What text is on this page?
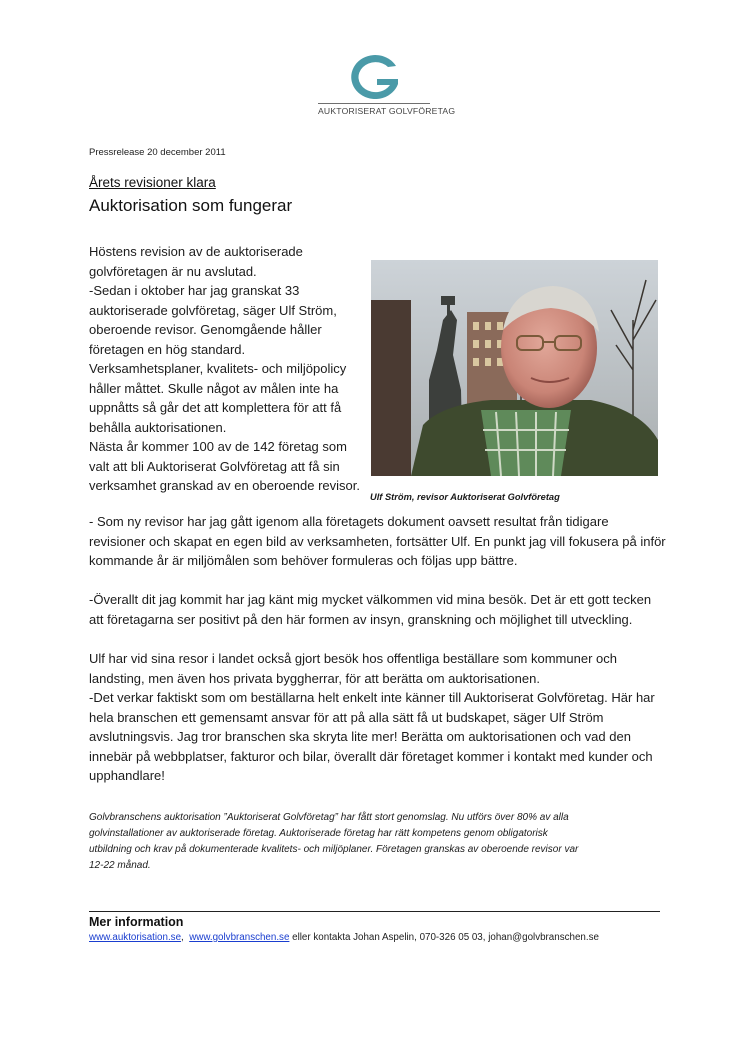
AUKTORISERAT GOLVFÖRETAG
Pressrelease 20 december 2011
Årets revisioner klara
Auktorisation som fungerar
Höstens revision av de auktoriserade
golvföretagen är nu avslutad.
-Sedan i oktober har jag granskat 33
auktoriserade golvföretag, säger Ulf Ström,
oberoende revisor. Genomgående håller
företagen en hög standard.
Verksamhetsplaner, kvalitets- och miljöpolicy
håller måttet. Skulle något av målen inte ha
uppnåtts så går det att komplettera för att få
behålla auktorisationen.
Nästa år kommer 100 av de 142 företag som
valt att bli Auktoriserat Golvföretag att få sin
verksamhet granskad av en oberoende revisor.
Ulf Ström, revisor Auktoriserat Golvföretag
- Som ny revisor har jag gått igenom alla företagets dokument oavsett resultat från tidigare
revisioner och skapat en egen bild av verksamheten, fortsätter Ulf. En punkt jag vill fokusera på inför
kommande år är miljömålen som behöver formuleras och följas upp bättre.
-Överallt dit jag kommit har jag känt mig mycket välkommen vid mina besök. Det är ett gott tecken
att företagarna ser positivt på den här formen av insyn, granskning och möjlighet till utveckling.
Ulf har vid sina resor i landet också gjort besök hos offentliga beställare som kommuner och
landsting, men även hos privata byggherrar, för att berätta om auktorisationen.
-Det verkar faktiskt som om beställarna helt enkelt inte känner till Auktoriserat Golvföretag. Här har
hela branschen ett gemensamt ansvar för att på alla sätt få ut budskapet, säger Ulf Ström
avslutningsvis. Jag tror branschen ska skryta lite mer! Berätta om auktorisationen och vad den
innebär på webbplatser, fakturor och bilar, överallt där företaget kommer i kontakt med kunder och
upphandlare!
Golvbranschens auktorisation ”Auktoriserat Golvföretag” har fått stort genomslag. Nu utförs över 80% av alla
golvinstallationer av auktoriserade företag. Auktoriserade företag har rätt kompetens genom obligatorisk
utbildning och krav på dokumenterade kvalitets- och miljöplaner. Företagen granskas av oberoende revisor var
12-22 månad.
Mer information
www.auktorisation.se,  www.golvbranschen.se eller kontakta Johan Aspelin, 070-326 05 03, johan@golvbranschen.se
